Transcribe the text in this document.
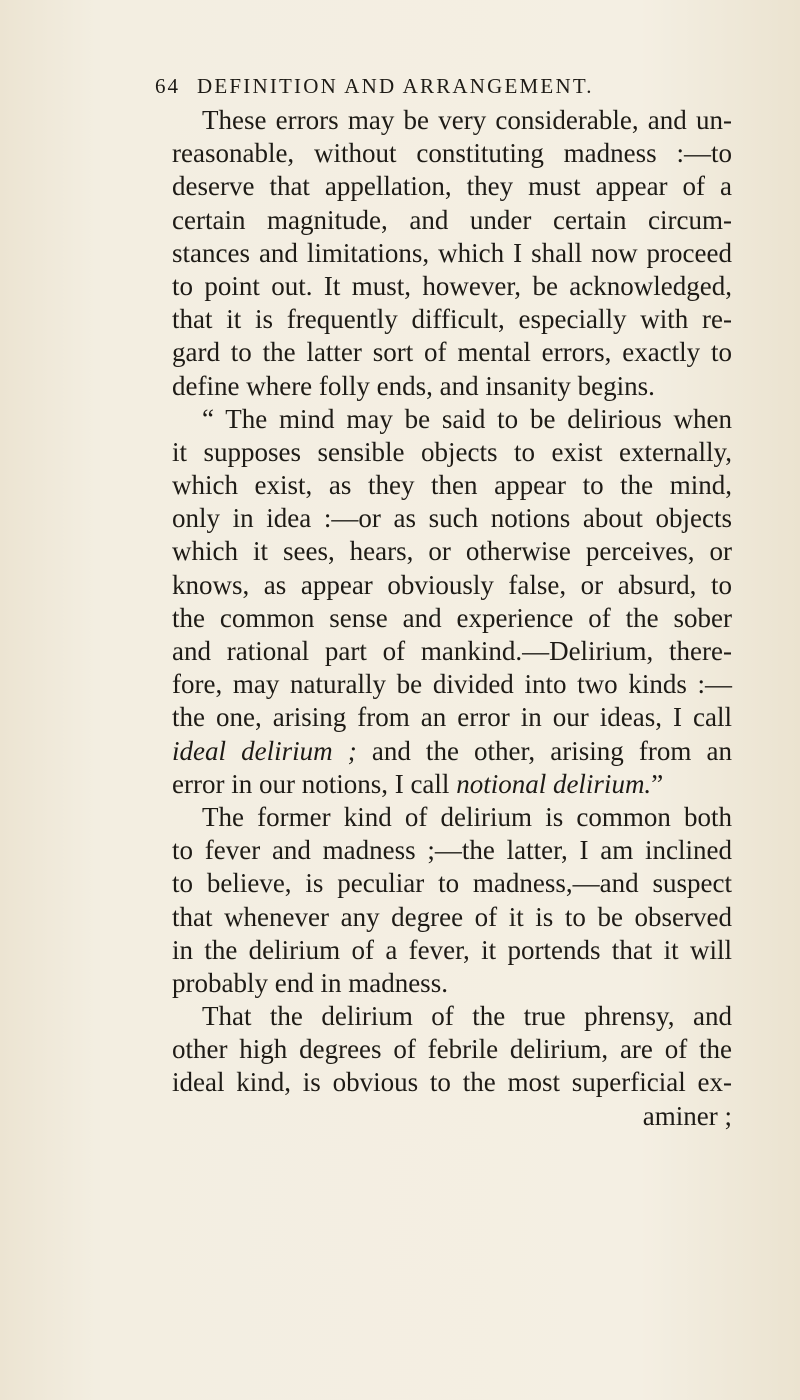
64 DEFINITION AND ARRANGEMENT.
These errors may be very considerable, and un-
reasonable, without constituting madness :—to
deserve that appellation, they must appear of a
certain magnitude, and under certain circum-
stances and limitations, which I shall now proceed
to point out. It must, however, be acknowledged,
that it is frequently difficult, especially with re-
gard to the latter sort of mental errors, exactly to
define where folly ends, and insanity begins.
“ The mind may be said to be delirious when
it supposes sensible objects to exist externally,
which exist, as they then appear to the mind,
only in idea :—or as such notions about objects
which it sees, hears, or otherwise perceives, or
knows, as appear obviously false, or absurd, to
the common sense and experience of the sober
and rational part of mankind.—Delirium, there-
fore, may naturally be divided into two kinds :—
the one, arising from an error in our ideas, I call
ideal delirium ; and the other, arising from an
error in our notions, I call notional delirium.”
The former kind of delirium is common both
to fever and madness ;—the latter, I am inclined
to believe, is peculiar to madness,—and suspect
that whenever any degree of it is to be observed
in the delirium of a fever, it portends that it will
probably end in madness.
That the delirium of the true phrensy, and
other high degrees of febrile delirium, are of the
ideal kind, is obvious to the most superficial ex-
aminer ;
